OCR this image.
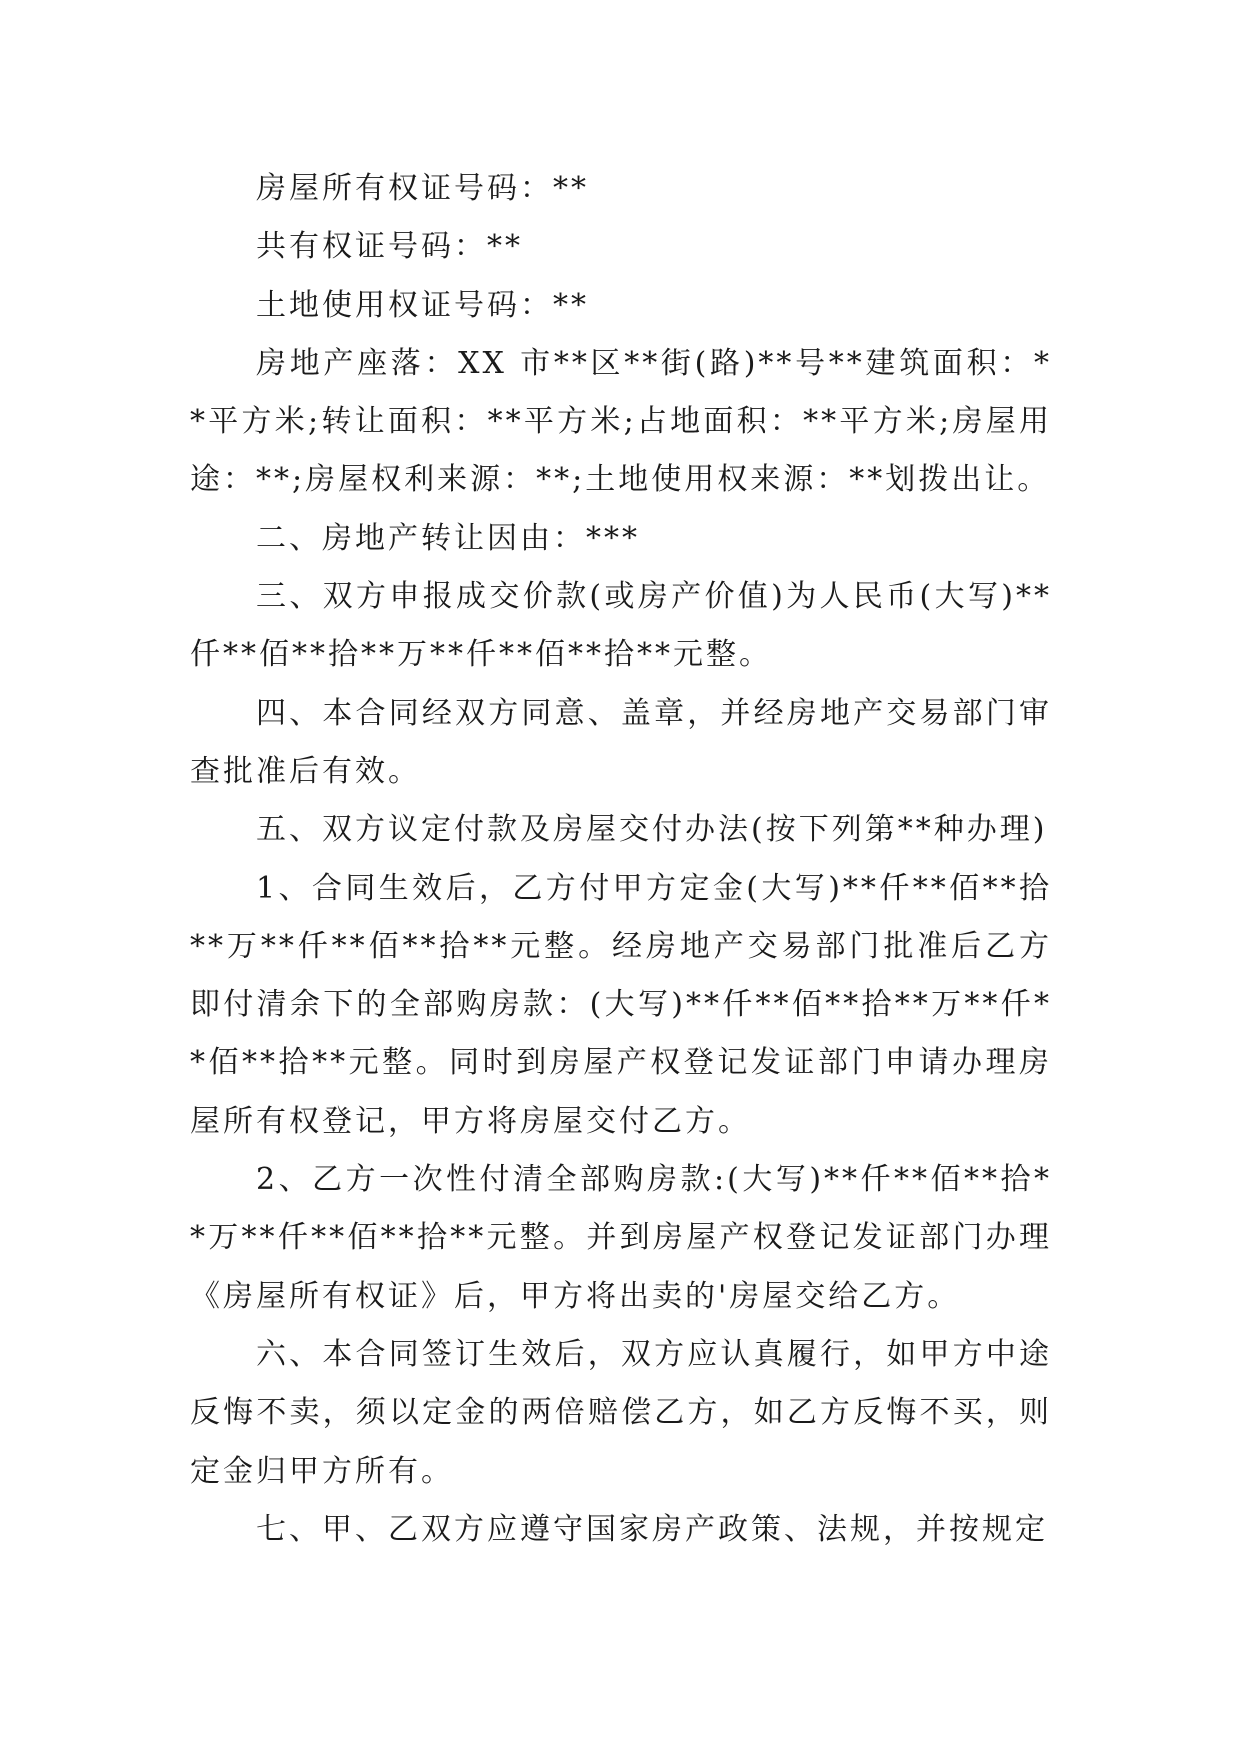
房屋所有权证号码：**

共有权证号码：**

土地使用权证号码：**

房地产座落：XX 市**区**街(路)**号**建筑面积：**平方米;转让面积：**平方米;占地面积：**平方米;房屋用途：**;房屋权利来源：**;土地使用权来源：**划拨出让。

二、房地产转让因由：***

三、双方申报成交价款(或房产价值)为人民币(大写)**仟**佰**拾**万**仟**佰**拾**元整。

四、本合同经双方同意、盖章，并经房地产交易部门审查批准后有效。

五、双方议定付款及房屋交付办法(按下列第**种办理)

1、合同生效后，乙方付甲方定金(大写)**仟**佰**拾**万**仟**佰**拾**元整。经房地产交易部门批准后乙方即付清余下的全部购房款：(大写)**仟**佰**拾**万**仟**佰**拾**元整。同时到房屋产权登记发证部门申请办理房屋所有权登记，甲方将房屋交付乙方。

2、乙方一次性付清全部购房款:(大写)**仟**佰**拾**万**仟**佰**拾**元整。并到房屋产权登记发证部门办理《房屋所有权证》后，甲方将出卖的'房屋交给乙方。

六、本合同签订生效后，双方应认真履行，如甲方中途反悔不卖，须以定金的两倍赔偿乙方，如乙方反悔不买，则定金归甲方所有。

七、甲、乙双方应遵守国家房产政策、法规，并按规定
